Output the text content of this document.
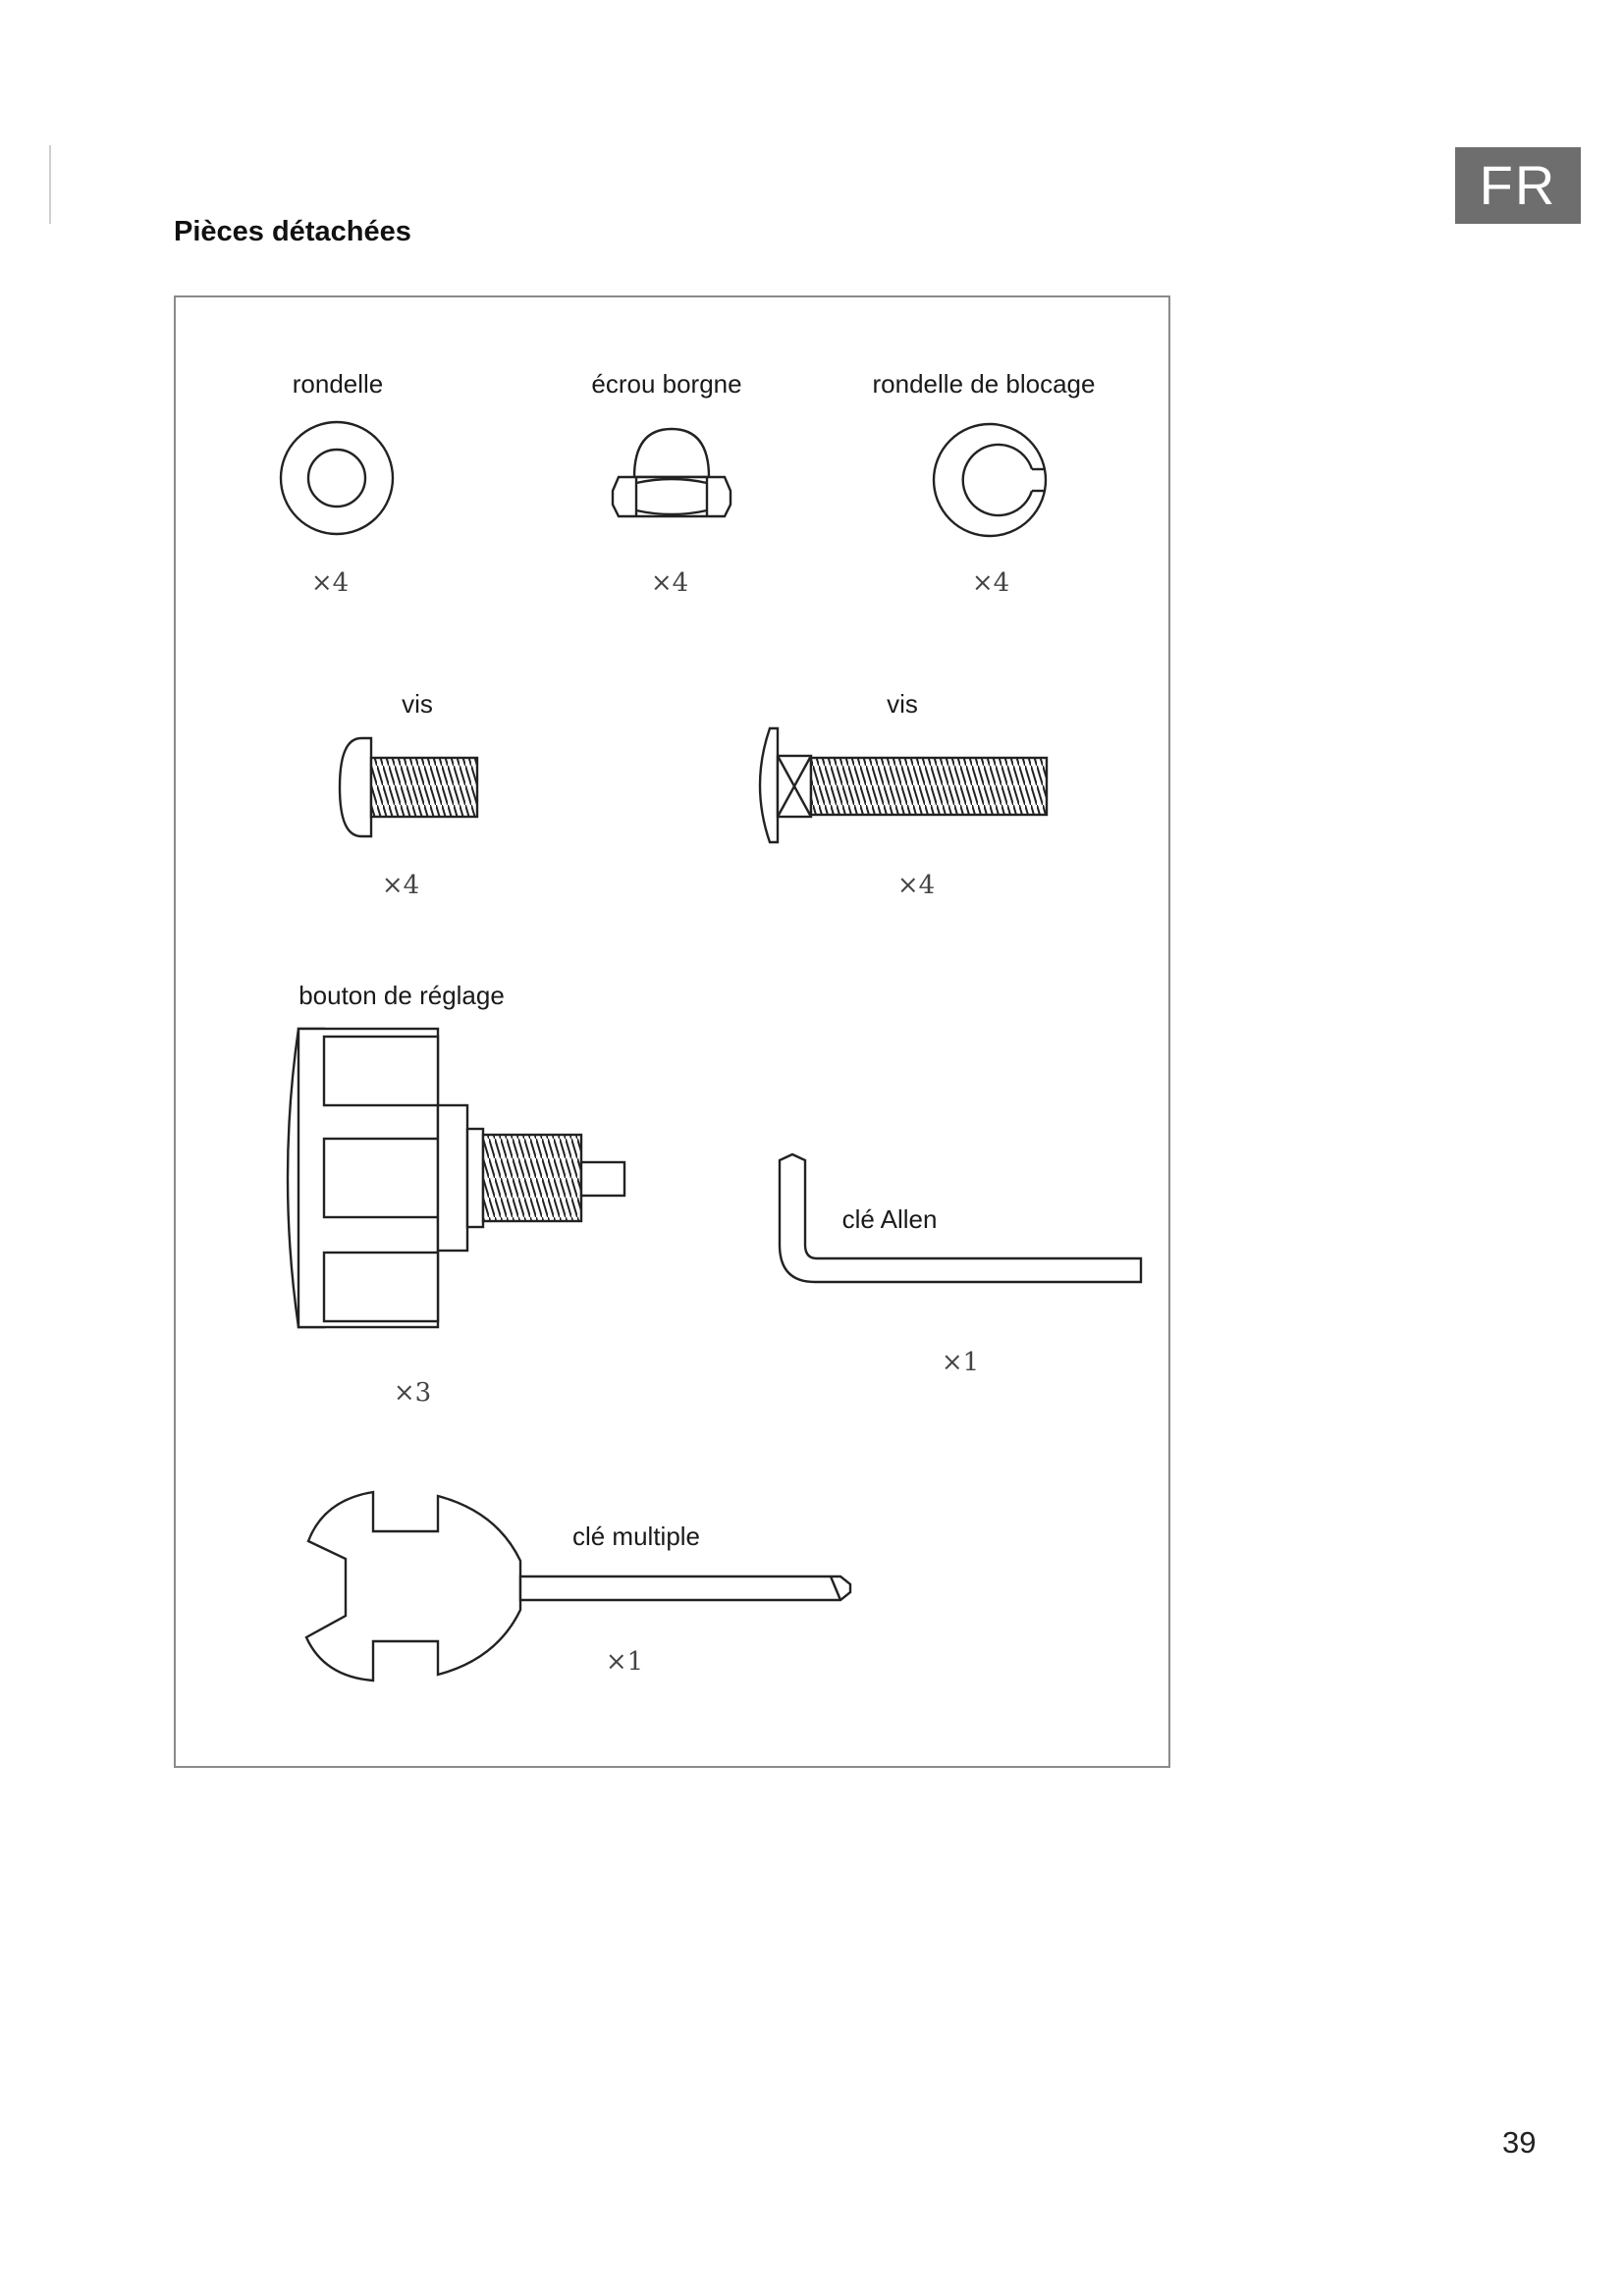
FR
Pièces détachées
rondelle
×4
écrou borgne
×4
rondelle de blocage
×4
vis
×4
vis
×4
bouton de réglage
×3
clé Allen
×1
clé multiple
×1
39
